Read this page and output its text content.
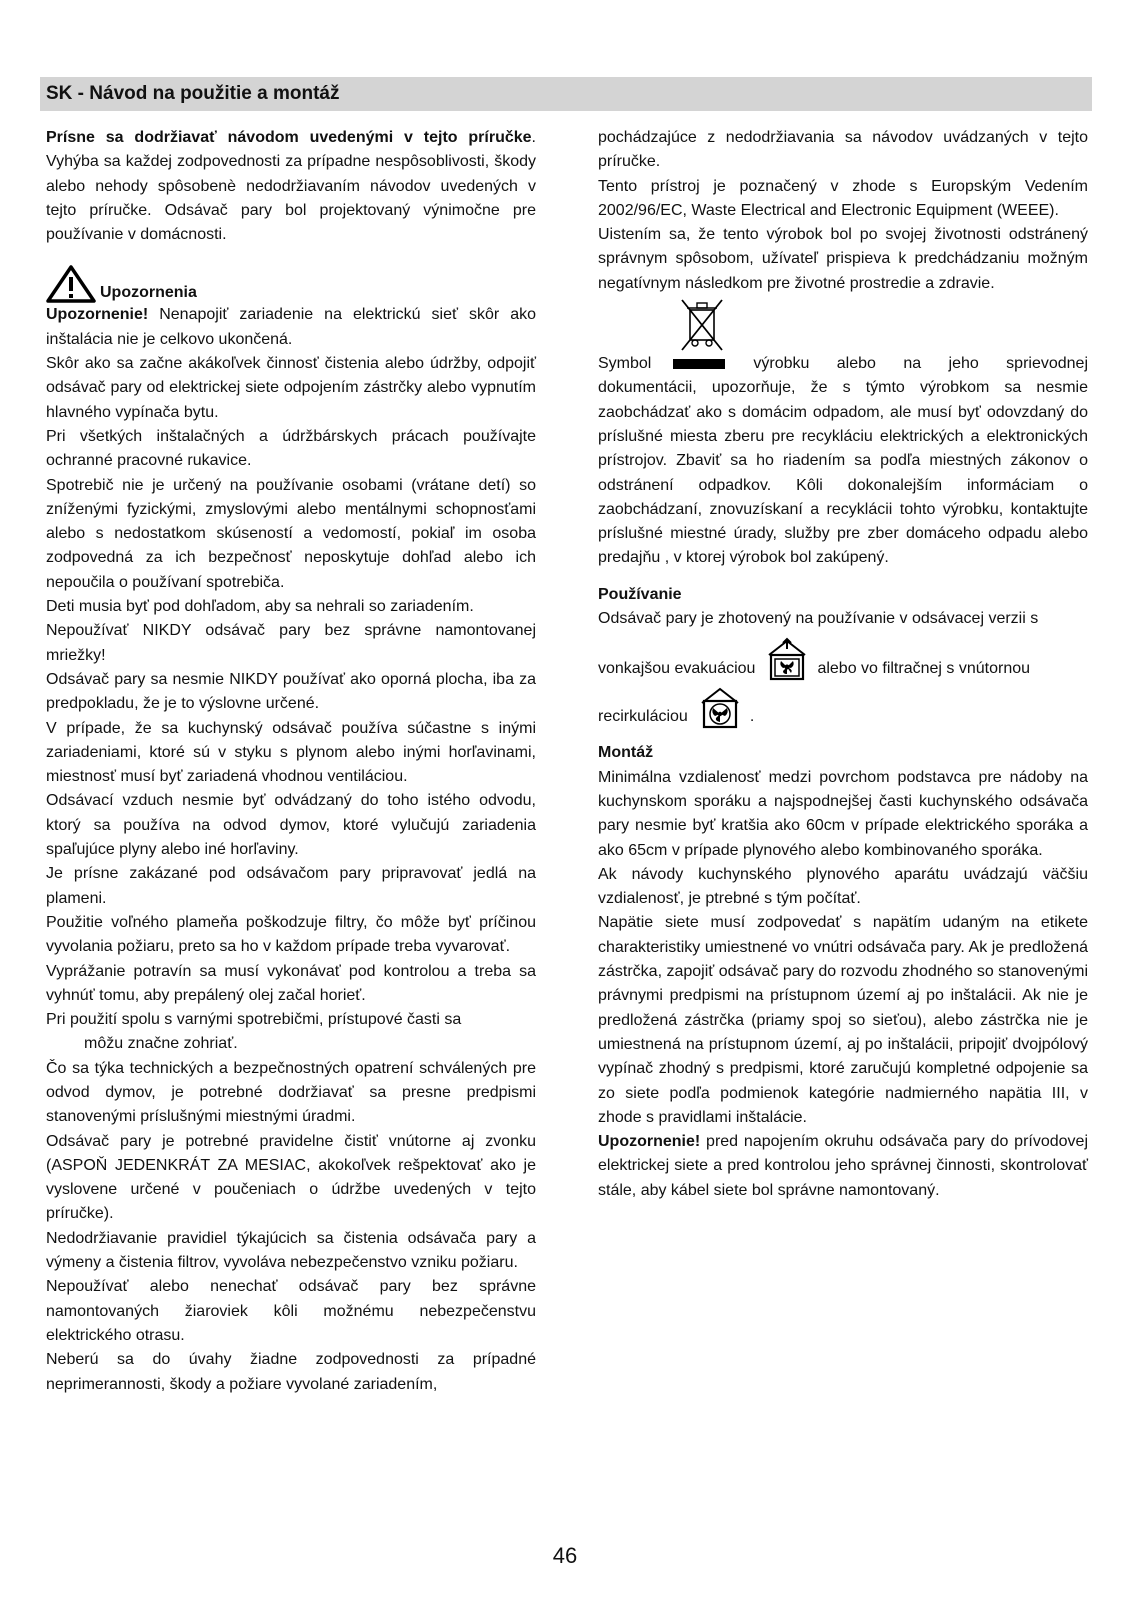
SK - Návod na použitie a montáž

Prísne sa dodržiavať návodom uvedenými v tejto príručke. Vyhýba sa každej zodpovednosti za prípadne nespôsoblivosti, škody alebo nehody spôsobenè nedodržiavaním návodov uvedených v tejto príručke. Odsávač pary bol projektovaný výnimočne pre používanie v domácnosti.

Upozornenia

Upozornenie! Nenapojiť zariadenie na elektrickú sieť skôr ako inštalácia nie je celkovo ukončená.

Skôr ako sa začne akákoľvek činnosť čistenia alebo údržby, odpojiť odsávač pary od elektrickej siete odpojením zástrčky alebo vypnutím hlavného vypínača bytu.

Pri všetkých inštalačných a údržbárskych prácach používajte ochranné pracovné rukavice.

Spotrebič nie je určený na používanie osobami (vrátane detí) so zníženými fyzickými, zmyslovými alebo mentálnymi schopnosťami alebo s nedostatkom skúseností a vedomostí, pokiaľ im osoba zodpovedná za ich bezpečnosť neposkytuje dohľad alebo ich nepoučila o používaní spotrebiča.

Deti musia byť pod dohľadom, aby sa nehrali so zariadením.

Nepoužívať NIKDY odsávač pary bez správne namontovanej mriežky!

Odsávač pary sa nesmie NIKDY používať ako oporná plocha, iba za predpokladu, že je to výslovne určené.

V prípade, že sa kuchynský odsávač používa súčastne s inými zariadeniami, ktoré sú v styku s plynom alebo inými horľavinami, miestnosť musí byť zariadená vhodnou ventiláciou.

Odsávací vzduch nesmie byť odvádzaný do toho istého odvodu, ktorý sa používa na odvod dymov, ktoré vylučujú zariadenia spaľujúce plyny alebo iné horľaviny.

Je prísne zakázané pod odsávačom pary pripravovať jedlá na plameni.

Použitie voľného plameňa poškodzuje filtry, čo môže byť príčinou vyvolania požiaru, preto sa ho v každom prípade treba vyvarovať.

Vyprážanie potravín sa musí vykonávať pod kontrolou a treba sa vyhnúť tomu, aby prepálený olej začal horieť.

Pri použití spolu s varnými spotrebičmi, prístupové časti sa

môžu značne zohriať.

Čo sa týka technických a bezpečnostných opatrení schválených pre odvod dymov, je potrebné dodržiavať sa presne predpismi stanovenými príslušnými miestnými úradmi.

Odsávač pary je potrebné pravidelne čistiť vnútorne aj zvonku (ASPOŇ JEDENKRÁT ZA MESIAC, akokoľvek rešpektovať ako je vyslovene určené v poučeniach o údržbe uvedených v tejto príručke).

Nedodržiavanie pravidiel týkajúcich sa čistenia odsávača pary a výmeny a čistenia filtrov, vyvoláva nebezpečenstvo vzniku požiaru.

Nepoužívať alebo nenechať odsávač pary bez správne namontovaných žiaroviek kôli možnému nebezpečenstvu elektrického otrasu.

Neberú sa do úvahy žiadne zodpovednosti za prípadné neprimerannosti, škody a požiare vyvolané zariadením,

pochádzajúce z nedodržiavania sa návodov uvádzaných v tejto príručke.

Tento prístroj je poznačený v zhode s Europským Vedením 2002/96/EC, Waste Electrical and Electronic Equipment (WEEE).

Uistením sa, že tento výrobok bol po svojej životnosti odstránený správnym spôsobom, užívateľ prispieva k predchádzaniu možným negatívnym následkom pre životné prostredie a zdravie.

Symbol	výrobku alebo na jeho sprievodnej dokumentácii, upozorňuje, že s týmto výrobkom sa nesmie zaobchádzať ako s domácim odpadom, ale musí byť odovzdaný do príslušné miesta zberu pre recykláciu elektrických a elektronických prístrojov. Zbaviť sa ho riadením sa podľa miestných zákonov o odstránení odpadkov. Kôli dokonalejším informáciam o zaobchádzaní, znovuzískaní a recyklácii tohto výrobku, kontaktujte príslušné miestné úrady, služby pre zber domáceho odpadu alebo predajňu , v ktorej výrobok bol zakúpený.

Používanie

Odsávač pary je zhotovený na používanie v odsávacej verzii s

vonkajšou evakuáciou	alebo vo filtračnej s vnútornou

recirkuláciou	.

Montáž

Minimálna vzdialenosť medzi povrchom podstavca pre nádoby na kuchynskom sporáku a najspodnejšej časti kuchynského odsávača pary nesmie byť kratšia ako 60cm v prípade elektrického sporáka a ako 65cm v prípade plynového alebo kombinovaného sporáka.

Ak návody kuchynského plynového aparátu uvádzajú väčšiu vzdialenosť, je ptrebné s tým počítať.

Napätie siete musí zodpovedať s napätím udaným na etikete charakteristiky umiestnené vo vnútri odsávača pary. Ak je predložená zástrčka, zapojiť odsávač pary do rozvodu zhodného so stanovenými právnymi predpismi na prístupnom území aj po inštalácii. Ak nie je predložená zástrčka (priamy spoj so sieťou), alebo zástrčka nie je umiestnená na prístupnom území, aj po inštalácii, pripojiť dvojpólový vypínač zhodný s predpismi, ktoré zaručujú kompletné odpojenie sa zo siete podľa podmienok kategórie nadmierného napätia III, v zhode s pravidlami inštalácie.

Upozornenie! pred napojením okruhu odsávača pary do prívodovej elektrickej siete a pred kontrolou jeho správnej činnosti, skontrolovať stále, aby kábel siete bol správne namontovaný.

46
